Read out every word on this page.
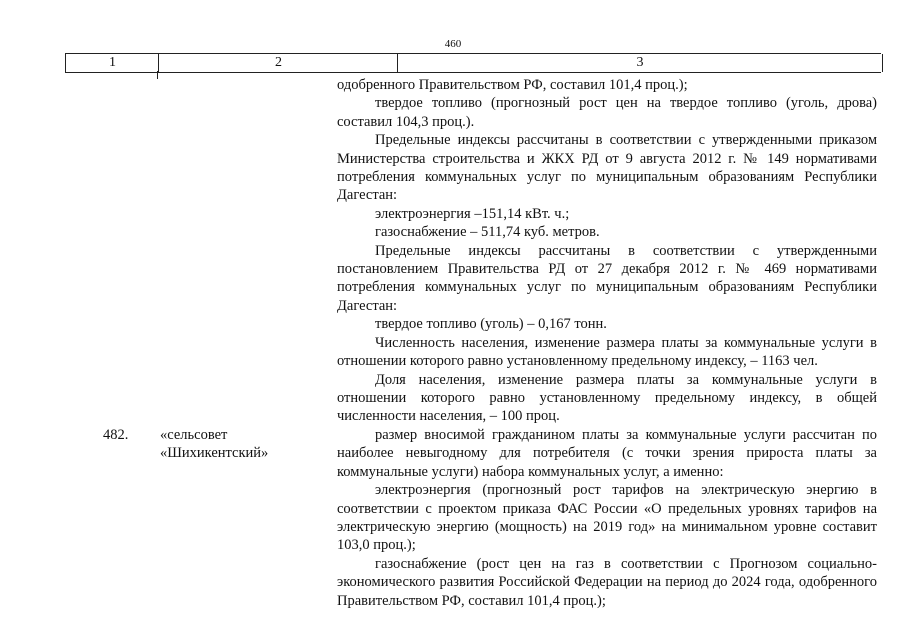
460
1	2	3

одобренного Правительством РФ, составил 101,4 проц.);

твердое топливо (прогнозный рост цен на твердое топливо (уголь, дрова) составил 104,3 проц.).

Предельные индексы рассчитаны в соответствии с утвержденными приказом Министерства строительства и ЖКХ РД от 9 августа 2012 г. № 149 нормативами потребления коммунальных услуг по муниципальным образованиям Республики Дагестан:

электроэнергия –151,14 кВт. ч.;

газоснабжение – 511,74 куб. метров.

Предельные индексы рассчитаны в соответствии с утвержденными постановлением Правительства РД от 27 декабря 2012 г. № 469 нормативами потребления коммунальных услуг по муниципальным образованиям Республики Дагестан:

твердое топливо (уголь) – 0,167 тонн.

Численность населения, изменение размера платы за коммунальные услуги в отношении которого равно установленному предельному индексу, – 1163 чел.

Доля населения, изменение размера платы за коммунальные услуги в отношении которого равно установленному предельному индексу, в общей численности населения, – 100 проц.

482. «сельсовет
«Шихикентский»

размер вносимой гражданином платы за коммунальные услуги рассчитан по наиболее невыгодному для потребителя (с точки зрения прироста платы за коммунальные услуги) набора коммунальных услуг, а именно:

электроэнергия (прогнозный рост тарифов на электрическую энергию в соответствии с проектом приказа ФАС России «О предельных уровнях тарифов на электрическую энергию (мощность) на 2019 год» на минимальном уровне составит 103,0 проц.);

газоснабжение (рост цен на газ в соответствии с Прогнозом социально-экономического развития Российской Федерации на период до 2024 года, одобренного Правительством РФ, составил 101,4 проц.);
